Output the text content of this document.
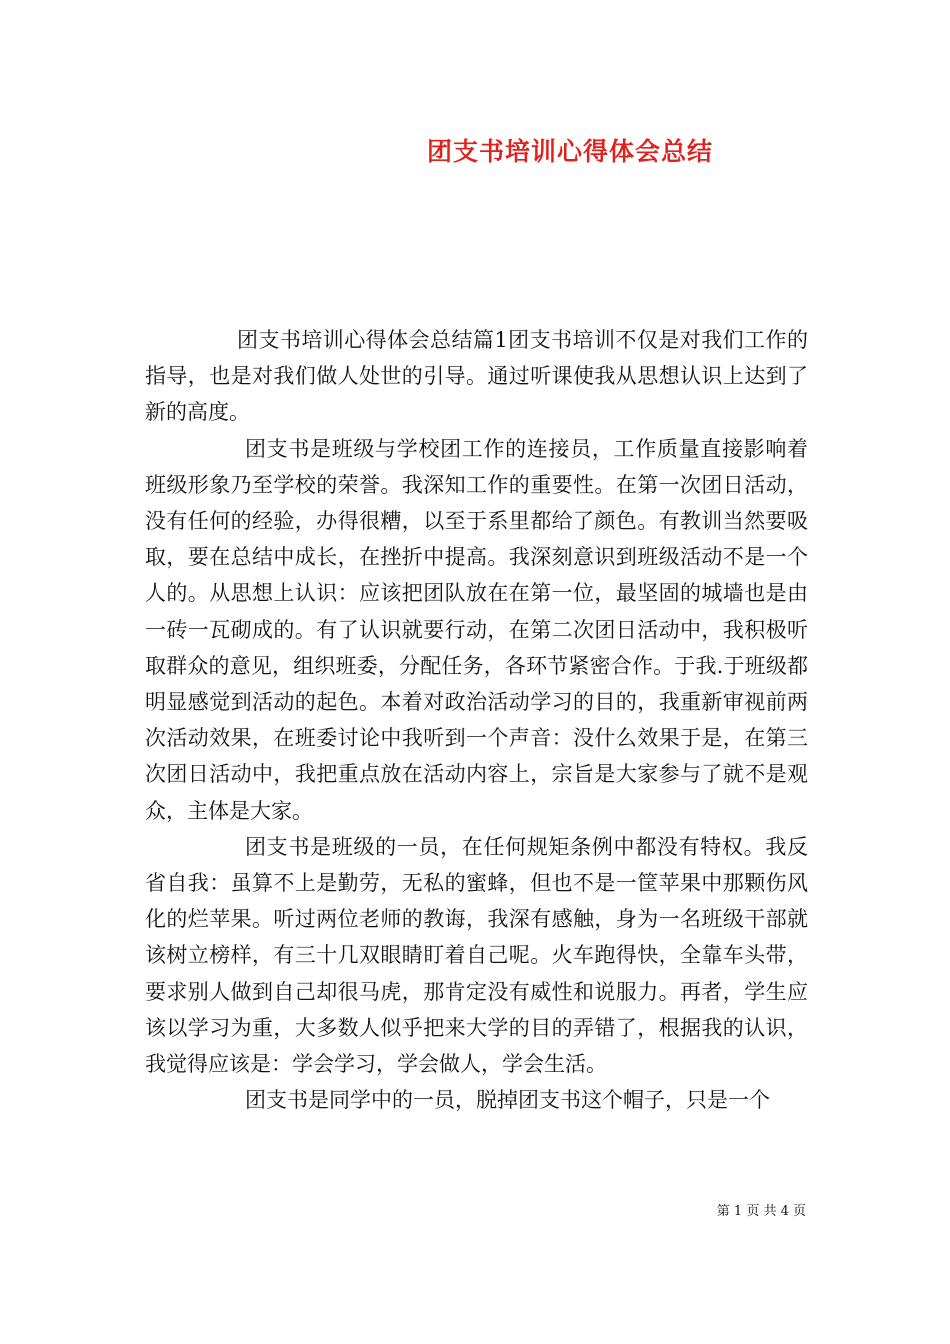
团支书培训心得体会总结

团支书培训心得体会总结篇1团支书培训不仅是对我们工作的指导，也是对我们做人处世的引导。通过听课使我从思想认识上达到了新的高度。

团支书是班级与学校团工作的连接员，工作质量直接影响着班级形象乃至学校的荣誉。我深知工作的重要性。在第一次团日活动，没有任何的经验，办得很糟，以至于系里都给了颜色。有教训当然要吸取，要在总结中成长，在挫折中提高。我深刻意识到班级活动不是一个人的。从思想上认识：应该把团队放在在第一位，最坚固的城墙也是由一砖一瓦砌成的。有了认识就要行动，在第二次团日活动中，我积极听取群众的意见，组织班委，分配任务，各环节紧密合作。于我.于班级都明显感觉到活动的起色。本着对政治活动学习的目的，我重新审视前两次活动效果，在班委讨论中我听到一个声音：没什么效果于是，在第三次团日活动中，我把重点放在活动内容上，宗旨是大家参与了就不是观众，主体是大家。

团支书是班级的一员，在任何规矩条例中都没有特权。我反省自我：虽算不上是勤劳，无私的蜜蜂，但也不是一筐苹果中那颗伤风化的烂苹果。听过两位老师的教诲，我深有感触，身为一名班级干部就该树立榜样，有三十几双眼睛盯着自己呢。火车跑得快，全靠车头带，要求别人做到自己却很马虎，那肯定没有威性和说服力。再者，学生应该以学习为重，大多数人似乎把来大学的目的弄错了，根据我的认识，我觉得应该是：学会学习，学会做人，学会生活。

团支书是同学中的一员，脱掉团支书这个帽子，只是一个

第 1 页 共 4 页
